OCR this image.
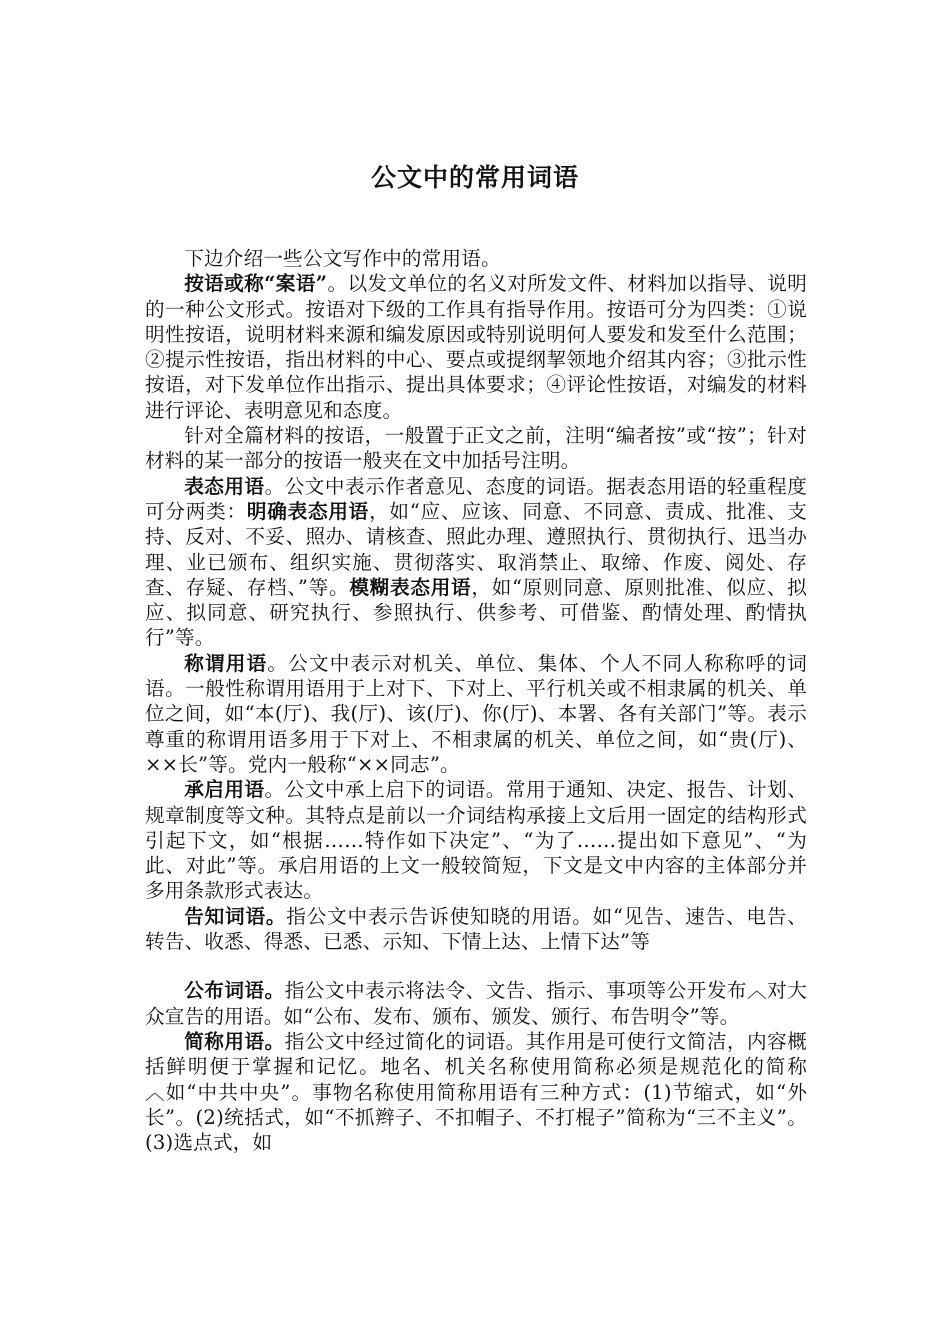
公文中的常用词语

下边介绍一些公文写作中的常用语。

按语或称“案语”。以发文单位的名义对所发文件、材料加以指导、说明的一种公文形式。按语对下级的工作具有指导作用。按语可分为四类：①说明性按语，说明材料来源和编发原因或特别说明何人要发和发至什么范围；②提示性按语，指出材料的中心、要点或提纲挈领地介绍其内容；③批示性按语，对下发单位作出指示、提出具体要求；④评论性按语，对编发的材料进行评论、表明意见和态度。

针对全篇材料的按语，一般置于正文之前，注明“编者按”或“按”；针对材料的某一部分的按语一般夹在文中加括号注明。

表态用语。公文中表示作者意见、态度的词语。据表态用语的轻重程度可分两类：明确表态用语，如“应、应该、同意、不同意、责成、批准、支持、反对、不妥、照办、请核查、照此办理、遵照执行、贯彻执行、迅当办理、业已颁布、组织实施、贯彻落实、取消禁止、取缔、作废、阅处、存查、存疑、存档、”等。模糊表态用语，如“原则同意、原则批准、似应、拟应、拟同意、研究执行、参照执行、供参考、可借鉴、酌情处理、酌情执行”等。

称谓用语。公文中表示对机关、单位、集体、个人不同人称称呼的词语。一般性称谓用语用于上对下、下对上、平行机关或不相隶属的机关、单位之间，如“本(厅)、我(厅)、该(厅)、你(厅)、本署、各有关部门”等。表示尊重的称谓用语多用于下对上、不相隶属的机关、单位之间，如“贵(厅)、××长”等。党内一般称“××同志”。

承启用语。公文中承上启下的词语。常用于通知、决定、报告、计划、规章制度等文种。其特点是前以一介词结构承接上文后用一固定的结构形式引起下文，如“根据……特作如下决定”、“为了……提出如下意见”、“为此、对此”等。承启用语的上文一般较简短，下文是文中内容的主体部分并多用条款形式表达。

告知词语。指公文中表示告诉使知晓的用语。如“见告、速告、电告、转告、收悉、得悉、已悉、示知、下情上达、上情下达”等

公布词语。指公文中表示将法令、文告、指示、事项等公开发布︿对大众宣告的用语。如“公布、发布、颁布、颁发、颁行、布告明令”等。

简称用语。指公文中经过简化的词语。其作用是可使行文简洁，内容概括鲜明便于掌握和记忆。地名、机关名称使用简称必须是规范化的简称︿如“中共中央”。事物名称使用简称用语有三种方式：(1)节缩式，如“外长”。(2)统括式，如“不抓辫子、不扣帽子、不打棍子”简称为“三不主义”。(3)选点式，如
